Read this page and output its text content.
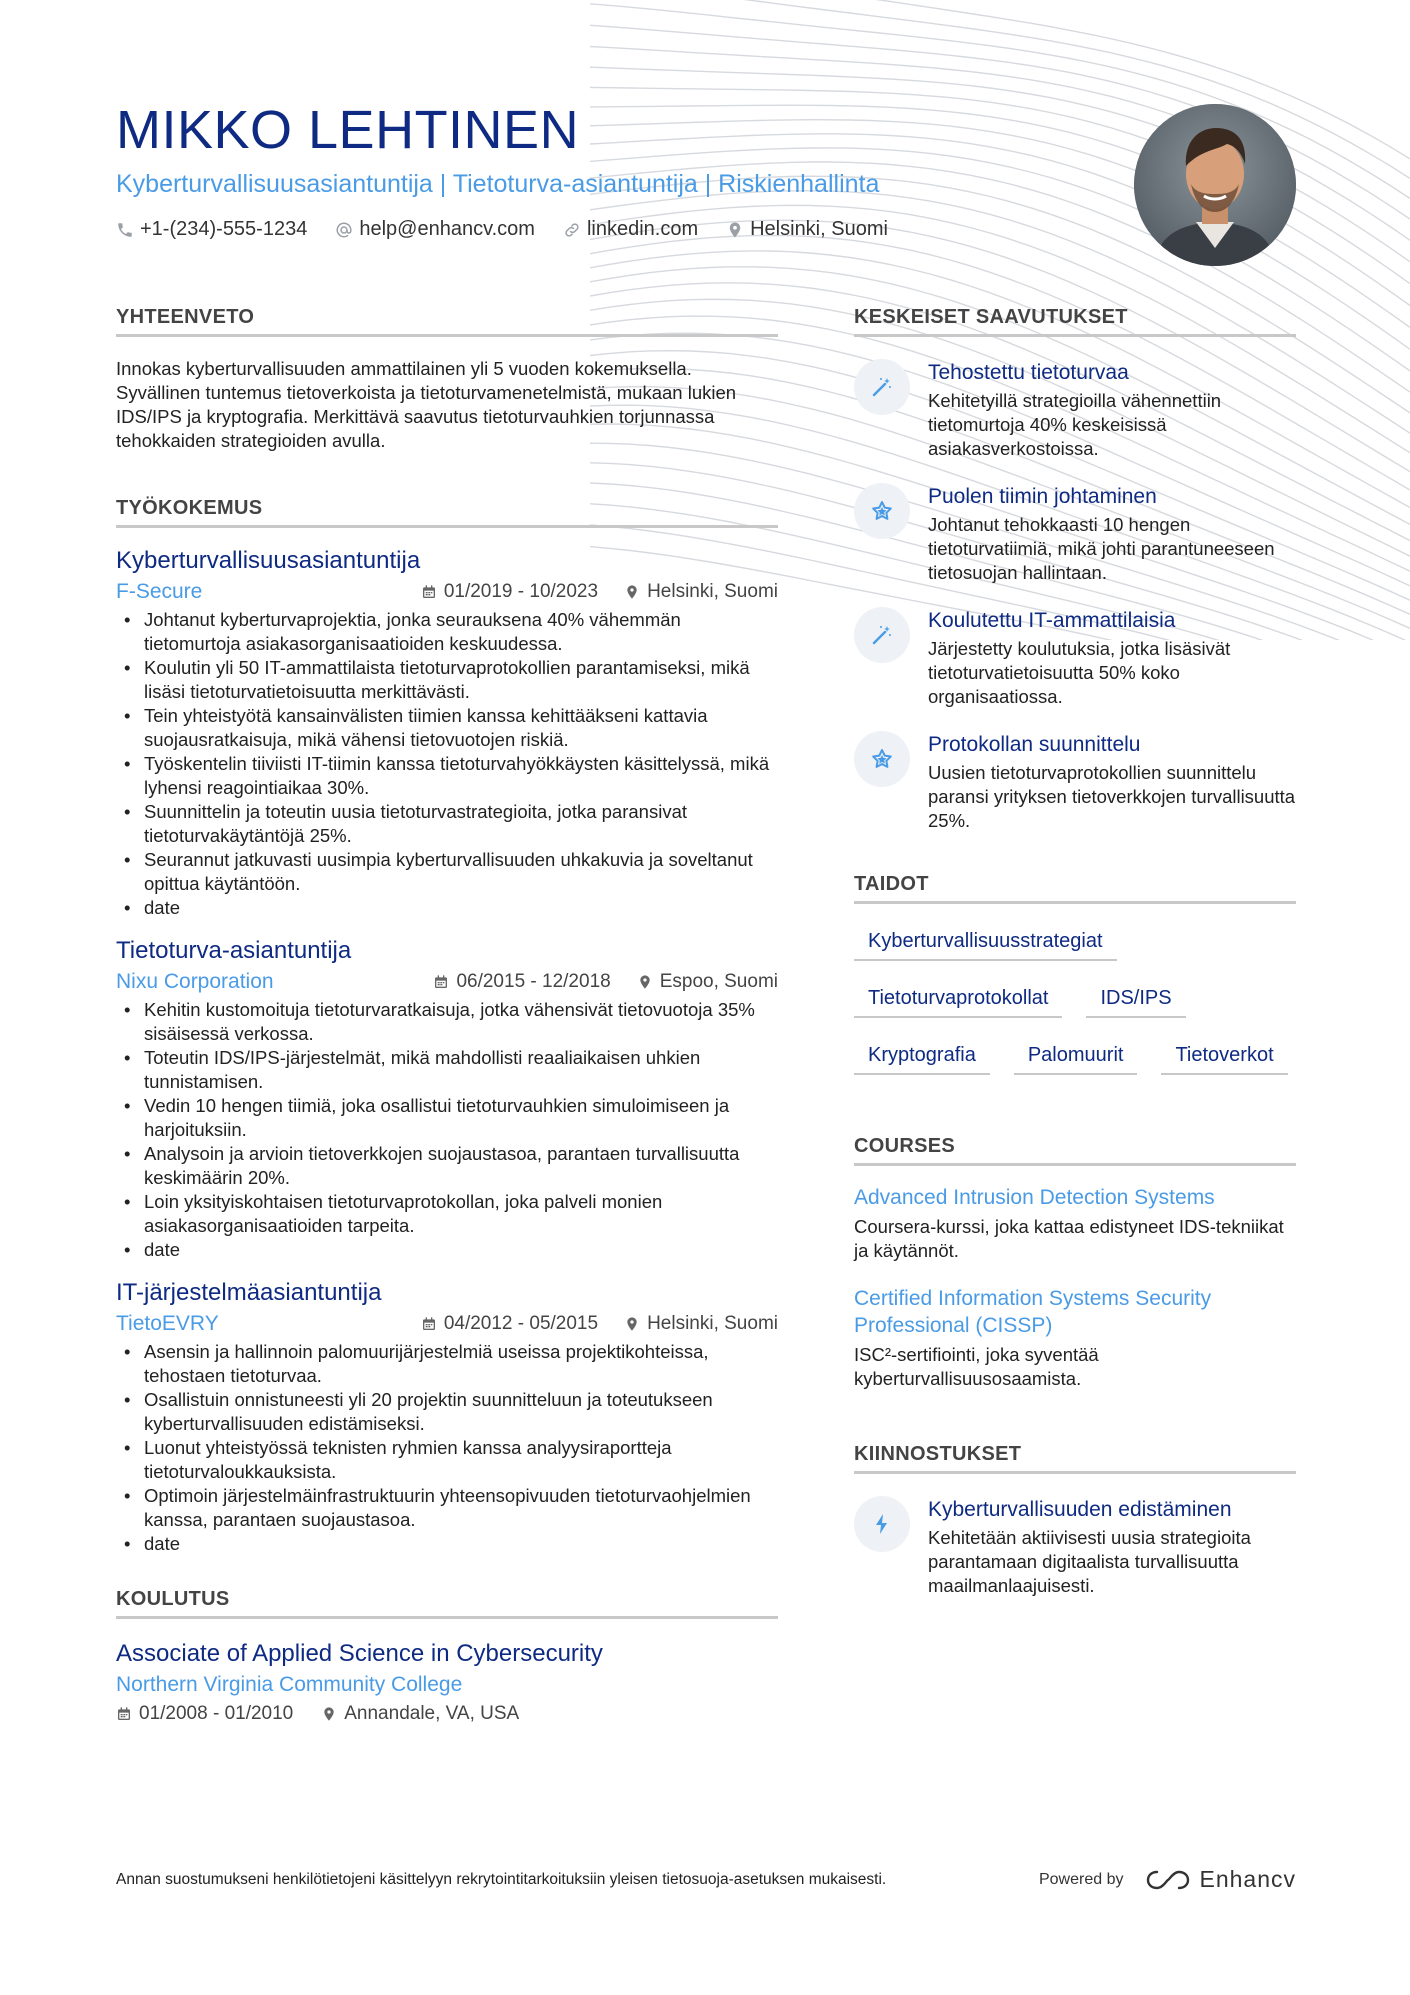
MIKKO LEHTINEN
Kyberturvallisuusasiantuntija | Tietoturva-asiantuntija | Riskienhallinta
+1-(234)-555-1234	help@enhancv.com	linkedin.com	Helsinki, Suomi
YHTEENVETO

Innokas kyberturvallisuuden ammattilainen yli 5 vuoden kokemuksella. Syvällinen tuntemus tietoverkoista ja tietoturvamenetelmistä, mukaan lukien IDS/IPS ja kryptografia. Merkittävä saavutus tietoturvauhkien torjunnassa tehokkaiden strategioiden avulla.

TYÖKOKEMUS
Kyberturvallisuusasiantuntija
F-Secure	01/2019 - 10/2023	Helsinki, Suomi
• Johtanut kyberturvaprojektia, jonka seurauksena 40% vähemmän tietomurtoja asiakasorganisaatioiden keskuudessa.
• Koulutin yli 50 IT-ammattilaista tietoturvaprotokollien parantamiseksi, mikä lisäsi tietoturvatietoisuutta merkittävästi.
• Tein yhteistyötä kansainvälisten tiimien kanssa kehittääkseni kattavia suojausratkaisuja, mikä vähensi tietovuotojen riskiä.
• Työskentelin tiiviisti IT-tiimin kanssa tietoturvahyökkäysten käsittelyssä, mikä lyhensi reagointiaikaa 30%.
• Suunnittelin ja toteutin uusia tietoturvastrategioita, jotka paransivat tietoturvakäytäntöjä 25%.
• Seurannut jatkuvasti uusimpia kyberturvallisuuden uhkakuvia ja soveltanut opittua käytäntöön.
• date
Tietoturva-asiantuntija
Nixu Corporation	06/2015 - 12/2018	Espoo, Suomi
• Kehitin kustomoituja tietoturvaratkaisuja, jotka vähensivät tietovuotoja 35% sisäisessä verkossa.
• Toteutin IDS/IPS-järjestelmät, mikä mahdollisti reaaliaikaisen uhkien tunnistamisen.
• Vedin 10 hengen tiimiä, joka osallistui tietoturvauhkien simuloimiseen ja harjoituksiin.
• Analysoin ja arvioin tietoverkkojen suojaustasoa, parantaen turvallisuutta keskimäärin 20%.
• Loin yksityiskohtaisen tietoturvaprotokollan, joka palveli monien asiakasorganisaatioiden tarpeita.
• date
IT-järjestelmäasiantuntija
TietoEVRY	04/2012 - 05/2015	Helsinki, Suomi
• Asensin ja hallinnoin palomuurijärjestelmiä useissa projektikohteissa, tehostaen tietoturvaa.
• Osallistuin onnistuneesti yli 20 projektin suunnitteluun ja toteutukseen kyberturvallisuuden edistämiseksi.
• Luonut yhteistyössä teknisten ryhmien kanssa analyysiraportteja tietoturvaloukkauksista.
• Optimoin järjestelmäinfrastruktuurin yhteensopivuuden tietoturvaohjelmien kanssa, parantaen suojaustasoa.
• date
KOULUTUS
Associate of Applied Science in Cybersecurity
Northern Virginia Community College
01/2008 - 01/2010	Annandale, VA, USA
KESKEISET SAAVUTUKSET
Tehostettu tietoturvaa
Kehitetyillä strategioilla vähennettiin tietomurtoja 40% keskeisissä asiakasverkostoissa.
Puolen tiimin johtaminen
Johtanut tehokkaasti 10 hengen tietoturvatiimiä, mikä johti parantuneeseen tietosuojan hallintaan.
Koulutettu IT-ammattilaisia
Järjestetty koulutuksia, jotka lisäsivät tietoturvatietoisuutta 50% koko organisaatiossa.
Protokollan suunnittelu
Uusien tietoturvaprotokollien suunnittelu paransi yrityksen tietoverkkojen turvallisuutta 25%.
TAIDOT
Kyberturvallisuusstrategiat
Tietoturvaprotokollat	IDS/IPS
Kryptografia	Palomuurit	Tietoverkot
COURSES
Advanced Intrusion Detection Systems
Coursera-kurssi, joka kattaa edistyneet IDS-tekniikat ja käytännöt.
Certified Information Systems Security Professional (CISSP)
ISC²-sertifiointi, joka syventää kyberturvallisuusosaamista.
KIINNOSTUKSET
Kyberturvallisuuden edistäminen
Kehitetään aktiivisesti uusia strategioita parantamaan digitaalista turvallisuutta maailmanlaajuisesti.
Annan suostumukseni henkilötietojeni käsittelyyn rekrytointitarkoituksiin yleisen tietosuoja-asetuksen mukaisesti.	Powered by	Enhancv
